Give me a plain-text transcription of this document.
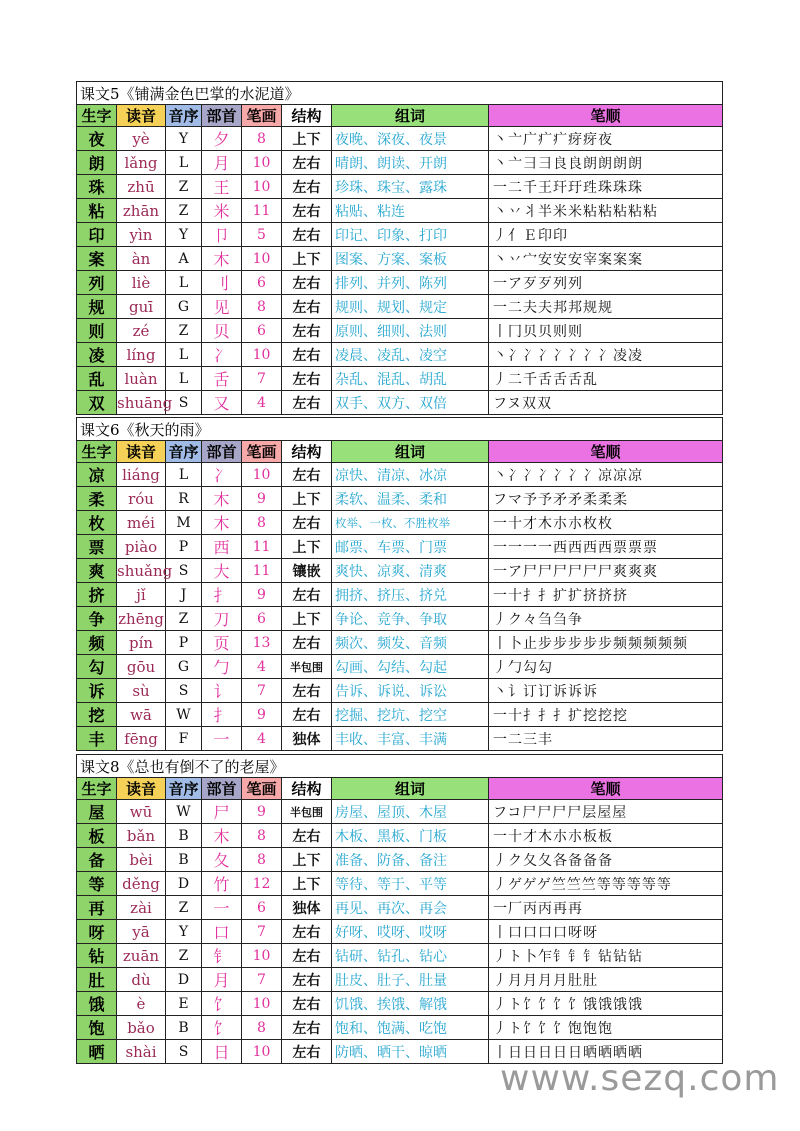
课文5《铺满金色巴掌的水泥道》							
生字	读音	音序	部首	笔画	结构	组词	笔顺
夜	yè	Y	夕	8	上下	夜晚、深夜、夜景	丶亠广疒疒疨疨夜
朗	lǎng	L	月	10	左右	晴朗、朗读、开朗	丶亠彐彐良良朗朗朗朗
珠	zhū	Z	王	10	左右	珍珠、珠宝、露珠	一二千王玕玗珄珠珠珠
粘	zhān	Z	米	11	左右	粘贴、粘连	丶丷丬半米米粘粘粘粘粘
印	yìn	Y	卩	5	左右	印记、印象、打印	丿亻Ｅ印印
案	àn	A	木	10	上下	图案、方案、案板	丶丷宀安安安宰案案案
列	liè	L	刂	6	左右	排列、并列、陈列	一ア歹歹列列
规	guī	G	见	8	左右	规则、规划、规定	一二夫夫邦邦规规
则	zé	Z	贝	6	左右	原则、细则、法则	丨冂贝贝则则
凌	líng	L	冫	10	左右	凌晨、凌乱、凌空	丶冫冫冫冫冫冫冫凌凌
乱	luàn	L	舌	7	左右	杂乱、混乱、胡乱	丿二千舌舌舌乱
双	shuāng	S	又	4	左右	双手、双方、双倍	フヌ双双
课文6《秋天的雨》							
生字	读音	音序	部首	笔画	结构	组词	笔顺
凉	liáng	L	冫	10	左右	凉快、清凉、冰凉	丶冫冫冫冫冫冫凉凉凉
柔	róu	R	木	9	上下	柔软、温柔、柔和	フマ予予矛矛柔柔柔
枚	méi	M	木	8	左右	枚举、一枚、不胜枚举	一十才木朩朩枚枚
票	piào	P	西	11	上下	邮票、车票、门票	一一一一西西西西票票票
爽	shuǎng	S	大	11	镶嵌	爽快、凉爽、清爽	一ア尸尸尸尸尸尸爽爽爽
挤	jǐ	J	扌	9	左右	拥挤、挤压、挤兑	一十扌扌扩扩挤挤挤
争	zhēng	Z	刀	6	上下	争论、竞争、争取	丿ク々刍刍争
频	pín	P	页	13	左右	频次、频发、音频	丨卜止步步步步步频频频频频
勾	gōu	G	勹	4	半包围	勾画、勾结、勾起	丿勹勾勾
诉	sù	S	讠	7	左右	告诉、诉说、诉讼	丶讠订订诉诉诉
挖	wā	W	扌	9	左右	挖掘、挖坑、挖空	一十扌扌扌扩挖挖挖
丰	fēng	F	一	4	独体	丰收、丰富、丰满	一二三丰
课文8《总也有倒不了的老屋》							
生字	读音	音序	部首	笔画	结构	组词	笔顺
屋	wū	W	尸	9	半包围	房屋、屋顶、木屋	フコ尸尸尸尸层屋屋
板	bǎn	B	木	8	左右	木板、黑板、门板	一十才木朩朩板板
备	bèi	B	夂	8	上下	准备、防备、备注	丿ク夂夂各备备备
等	děng	D	竹	12	上下	等待、等于、平等	丿ゲゲゲ竺竺竺等等等等等
再	zài	Z	一	6	独体	再见、再次、再会	一厂丙丙再再
呀	yā	Y	口	7	左右	好呀、哎呀、哎呀	丨口口口口呀呀
钻	zuān	Z	钅	10	左右	钻研、钻孔、钻心	丿ト卜乍钅钅钅钻钻钻
肚	dù	D	月	7	左右	肚皮、肚子、肚量	丿月月月月肚肚
饿	è	E	饣	10	左右	饥饿、挨饿、解饿	丿ト饣饣饣饣饿饿饿饿
饱	bǎo	B	饣	8	左右	饱和、饱满、吃饱	丿ト饣饣饣饱饱饱
晒	shài	S	日	10	左右	防晒、晒干、晾晒	丨日日日日日晒晒晒晒
www.sezq.com
